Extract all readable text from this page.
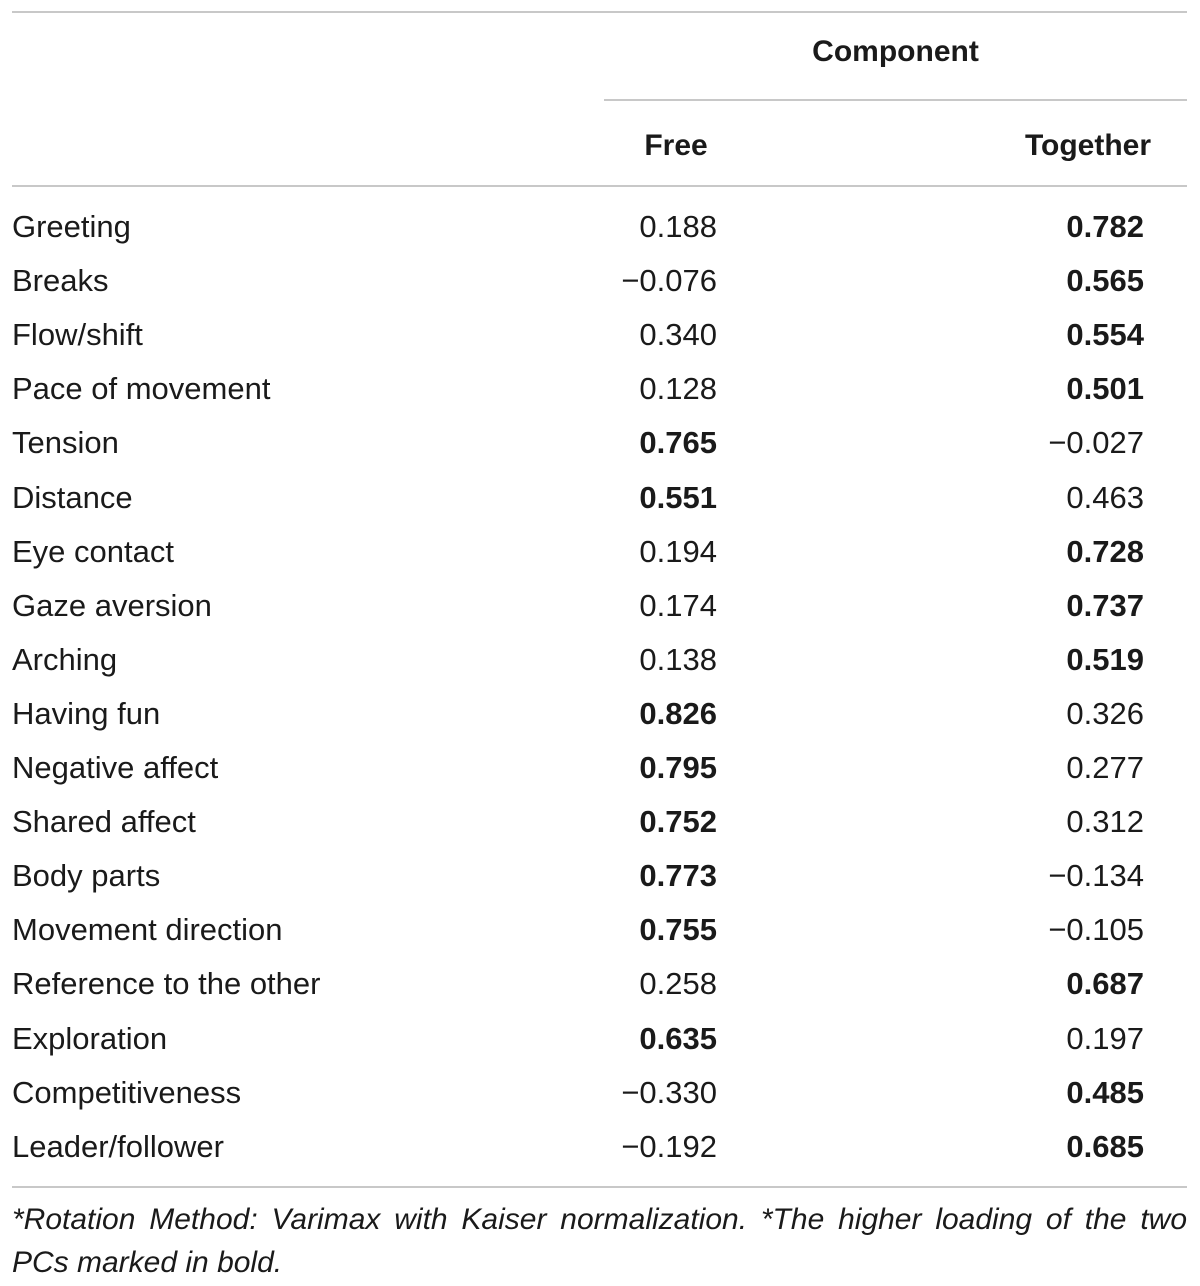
Component
Free	Together
Greeting	0.188	0.782
Breaks	−0.076	0.565
Flow/shift	0.340	0.554
Pace of movement	0.128	0.501
Tension	0.765	−0.027
Distance	0.551	0.463
Eye contact	0.194	0.728
Gaze aversion	0.174	0.737
Arching	0.138	0.519
Having fun	0.826	0.326
Negative affect	0.795	0.277
Shared affect	0.752	0.312
Body parts	0.773	−0.134
Movement direction	0.755	−0.105
Reference to the other	0.258	0.687
Exploration	0.635	0.197
Competitiveness	−0.330	0.485
Leader/follower	−0.192	0.685
*Rotation Method: Varimax with Kaiser normalization. *The higher loading of the two PCs marked in bold.
